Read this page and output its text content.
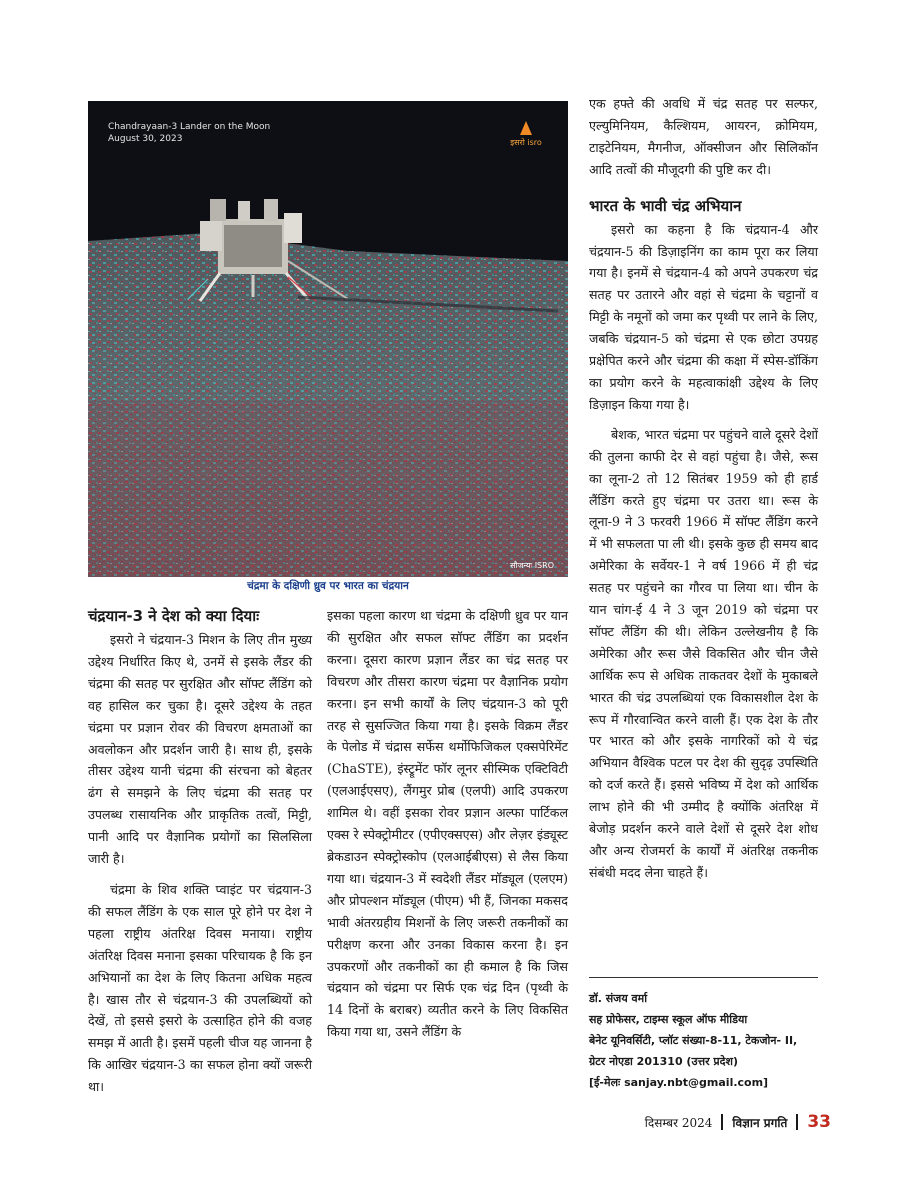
Chandrayaan-3 Lander on the Moon
August 30, 2023	इसरो isro
सौजन्यः ISRO
चंद्रमा के दक्षिणी ध्रुव पर भारत का चंद्रयान
चंद्रयान-3 ने देश को क्या दियाः

इसरो ने चंद्रयान-3 मिशन के लिए तीन मुख्य उद्देश्य निर्धारित किए थे, उनमें से इसके लैंडर की चंद्रमा की सतह पर सुरक्षित और सॉफ्ट लैंडिंग को वह हासिल कर चुका है। दूसरे उद्देश्य के तहत चंद्रमा पर प्रज्ञान रोवर की विचरण क्षमताओं का अवलोकन और प्रदर्शन जारी है। साथ ही, इसके तीसर उद्देश्य यानी चंद्रमा की संरचना को बेहतर ढंग से समझने के लिए चंद्रमा की सतह पर उपलब्ध रासायनिक और प्राकृतिक तत्वों, मिट्टी, पानी आदि पर वैज्ञानिक प्रयोगों का सिलसिला जारी है।

चंद्रमा के शिव शक्ति प्वाइंट पर चंद्रयान-3 की सफल लैंडिंग के एक साल पूरे होने पर देश ने पहला राष्ट्रीय अंतरिक्ष दिवस मनाया। राष्ट्रीय अंतरिक्ष दिवस मनाना इसका परिचायक है कि इन अभियानों का देश के लिए कितना अधिक महत्व है। खास तौर से चंद्रयान-3 की उपलब्धियों को देखें, तो इससे इसरो के उत्साहित होने की वजह समझ में आती है। इसमें पहली चीज यह जानना है कि आखिर चंद्रयान-3 का सफल होना क्यों जरूरी था।

इसका पहला कारण था चंद्रमा के दक्षिणी ध्रुव पर यान की सुरक्षित और सफल सॉफ्ट लैंडिंग का प्रदर्शन करना। दूसरा कारण प्रज्ञान लैंडर का चंद्र सतह पर विचरण और तीसरा कारण चंद्रमा पर वैज्ञानिक प्रयोग करना। इन सभी कार्यों के लिए चंद्रयान-3 को पूरी तरह से सुसज्जित किया गया है। इसके विक्रम लैंडर के पेलोड में चंद्रास सर्फेस थर्मोफिजिकल एक्सपेरिमेंट (ChaSTE), इंस्ट्रूमेंट फॉर लूनर सीस्मिक एक्टिविटी (एलआईएसए), लैंगमुर प्रोब (एलपी) आदि उपकरण शामिल थे। वहीं इसका रोवर प्रज्ञान अल्फा पार्टिकल एक्स रे स्पेक्ट्रोमीटर (एपीएक्सएस) और लेज़र इंड्यूस्ट ब्रेकडाउन स्पेक्ट्रोस्कोप (एलआईबीएस) से लैस किया गया था। चंद्रयान-3 में स्वदेशी लैंडर मॉड्यूल (एलएम) और प्रोपल्शन मॉड्यूल (पीएम) भी हैं, जिनका मकसद भावी अंतरग्रहीय मिशनों के लिए जरूरी तकनीकों का परीक्षण करना और उनका विकास करना है। इन उपकरणों और तकनीकों का ही कमाल है कि जिस चंद्रयान को चंद्रमा पर सिर्फ एक चंद्र दिन (पृथ्वी के 14 दिनों के बराबर) व्यतीत करने के लिए विकसित किया गया था, उसने लैंडिंग के

एक हफ्ते की अवधि में चंद्र सतह पर सल्फर, एल्युमिनियम, कैल्शियम, आयरन, क्रोमियम, टाइटेनियम, मैगनीज, ऑक्सीजन और सिलिकॉन आदि तत्वों की मौजूदगी की पुष्टि कर दी।

भारत के भावी चंद्र अभियान

इसरो का कहना है कि चंद्रयान-4 और चंद्रयान-5 की डिज़ाइनिंग का काम पूरा कर लिया गया है। इनमें से चंद्रयान-4 को अपने उपकरण चंद्र सतह पर उतारने और वहां से चंद्रमा के चट्टानों व मिट्टी के नमूनों को जमा कर पृथ्वी पर लाने के लिए, जबकि चंद्रयान-5 को चंद्रमा से एक छोटा उपग्रह प्रक्षेपित करने और चंद्रमा की कक्षा में स्पेस-डॉकिंग का प्रयोग करने के महत्वाकांक्षी उद्देश्य के लिए डिज़ाइन किया गया है।

बेशक, भारत चंद्रमा पर पहुंचने वाले दूसरे देशों की तुलना काफी देर से वहां पहुंचा है। जैसे, रूस का लूना-2 तो 12 सितंबर 1959 को ही हार्ड लैंडिंग करते हुए चंद्रमा पर उतरा था। रूस के लूना-9 ने 3 फरवरी 1966 में सॉफ्ट लैंडिंग करने में भी सफलता पा ली थी। इसके कुछ ही समय बाद अमेरिका के सर्वेयर-1 ने वर्ष 1966 में ही चंद्र सतह पर पहुंचने का गौरव पा लिया था। चीन के यान चांग-ई 4 ने 3 जून 2019 को चंद्रमा पर सॉफ्ट लैंडिंग की थी। लेकिन उल्लेखनीय है कि अमेरिका और रूस जैसे विकसित और चीन जैसे आर्थिक रूप से अधिक ताकतवर देशों के मुकाबले भारत की चंद्र उपलब्धियां एक विकासशील देश के रूप में गौरवान्वित करने वाली हैं। एक देश के तौर पर भारत को और इसके नागरिकों को ये चंद्र अभियान वैश्विक पटल पर देश की सुदृढ़ उपस्थिति को दर्ज करते हैं। इससे भविष्य में देश को आर्थिक लाभ होने की भी उम्मीद है क्योंकि अंतरिक्ष में बेजोड़ प्रदर्शन करने वाले देशों से दूसरे देश शोध और अन्य रोजमर्रा के कार्यों में अंतरिक्ष तकनीक संबंधी मदद लेना चाहते हैं।

डॉ. संजय वर्मा
सह प्रोफेसर, टाइम्स स्कूल ऑफ मीडिया
बेनेट यूनिवर्सिटी, प्लॉट संख्या-8-11, टेकजोन- II,
ग्रेटर नोएडा 201310 (उत्तर प्रदेश)
[ई-मेलः sanjay.nbt@gmail.com]
दिसम्बर 2024 विज्ञान प्रगति 33
